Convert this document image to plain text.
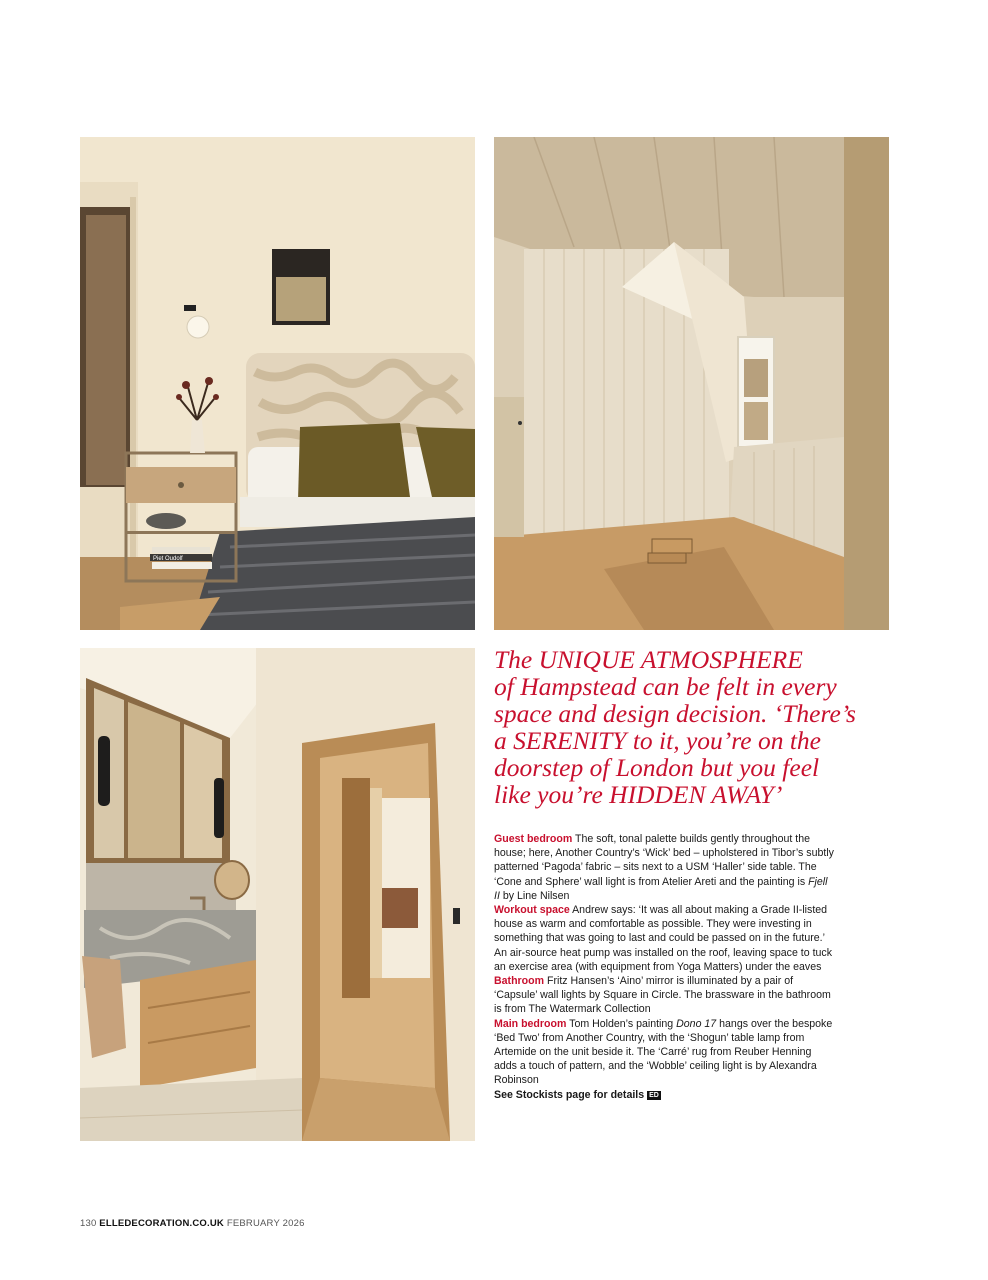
Piet Oudolf
The UNIQUE ATMOSPHERE
of Hampstead can be felt in every
space and design decision. ‘There’s
a SERENITY to it, you’re on the
doorstep of London but you feel
like you’re HIDDEN AWAY’

Guest bedroom The soft, tonal palette builds gently throughout the house; here, Another Country’s ‘Wick’ bed – upholstered in Tibor’s subtly patterned ‘Pagoda’ fabric – sits next to a USM ‘Haller’ side table. The ‘Cone and Sphere’ wall light is from Atelier Areti and the painting is Fjell II by Line Nilsen

Workout space Andrew says: ‘It was all about making a Grade II-listed house as warm and comfortable as possible. They were investing in something that was going to last and could be passed on in the future.’ An air-source heat pump was installed on the roof, leaving space to tuck an exercise area (with equipment from Yoga Matters) under the eaves

Bathroom Fritz Hansen’s ‘Aino’ mirror is illuminated by a pair of ‘Capsule’ wall lights by Square in Circle. The brassware in the bathroom is from The Watermark Collection

Main bedroom Tom Holden’s painting Dono 17 hangs over the bespoke ‘Bed Two’ from Another Country, with the ‘Shogun’ table lamp from Artemide on the unit beside it. The ‘Carré’ rug from Reuber Henning adds a touch of pattern, and the ‘Wobble’ ceiling light is by Alexandra Robinson

See Stockists page for details ED

130 ELLEDECORATION.CO.UK FEBRUARY 2026
